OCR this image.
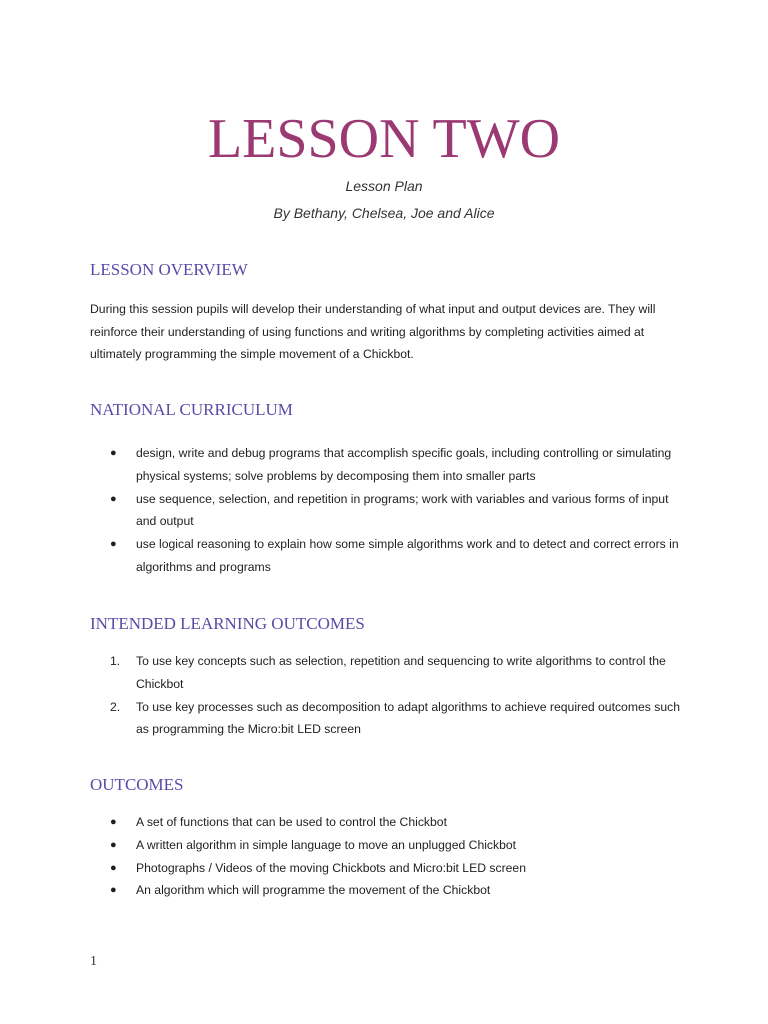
LESSON TWO
Lesson Plan
By Bethany, Chelsea, Joe and Alice
LESSON OVERVIEW
During this session pupils will develop their understanding of what input and output devices are. They will reinforce their understanding of using functions and writing algorithms by completing activities aimed at ultimately programming the simple movement of a Chickbot.
NATIONAL CURRICULUM
●	design, write and debug programs that accomplish specific goals, including controlling or simulating physical systems; solve problems by decomposing them into smaller parts
●	use sequence, selection, and repetition in programs; work with variables and various forms of input and output
●	use logical reasoning to explain how some simple algorithms work and to detect and correct errors in algorithms and programs
INTENDED LEARNING OUTCOMES
1.	To use key concepts such as selection, repetition and sequencing to write algorithms to control the Chickbot
2.	To use key processes such as decomposition to adapt algorithms to achieve required outcomes such as programming the Micro:bit LED screen
OUTCOMES
●	A set of functions that can be used to control the Chickbot
●	A written algorithm in simple language to move an unplugged Chickbot
●	Photographs / Videos of the moving Chickbots and Micro:bit LED screen
●	An algorithm which will programme the movement of the Chickbot
1
